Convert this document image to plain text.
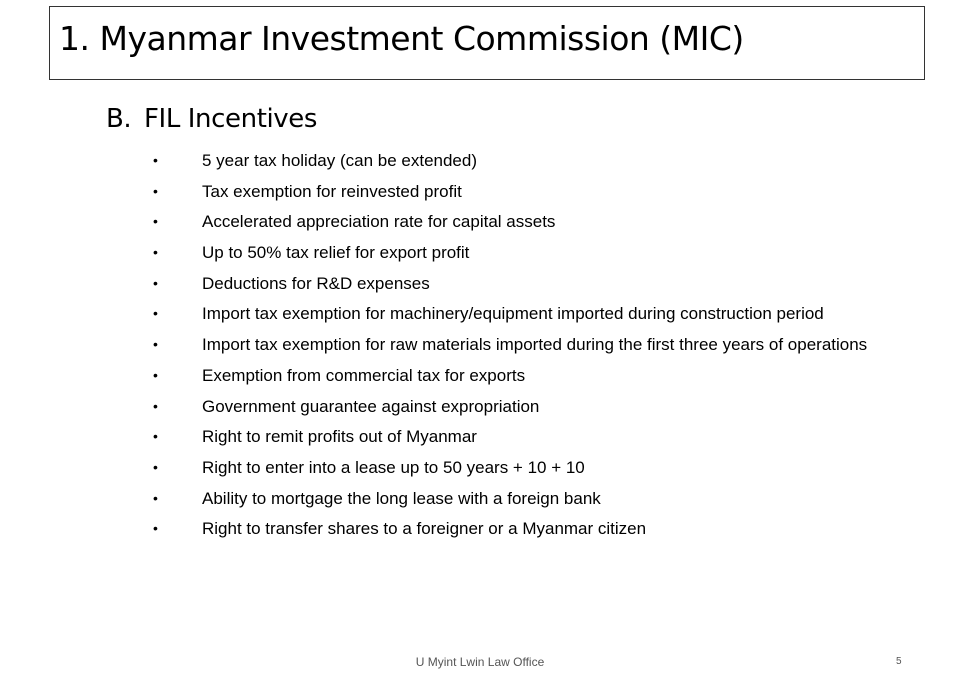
1. Myanmar Investment Commission (MIC)
B. FIL Incentives
•	5 year tax holiday (can be extended)
•	Tax exemption for reinvested profit
•	Accelerated appreciation rate for capital assets
•	Up to 50% tax relief for export profit
•	Deductions for R&D expenses
•	Import tax exemption for machinery/equipment imported during construction period
•	Import tax exemption for raw materials imported during the first three years of operations
•	Exemption from commercial tax for exports
•	Government guarantee against expropriation
•	Right to remit profits out of Myanmar
•	Right to enter into a lease up to 50 years + 10 + 10
•	Ability to mortgage the long lease with a foreign bank
•	Right to transfer shares to a foreigner or a Myanmar citizen
U Myint Lwin Law Office	5
